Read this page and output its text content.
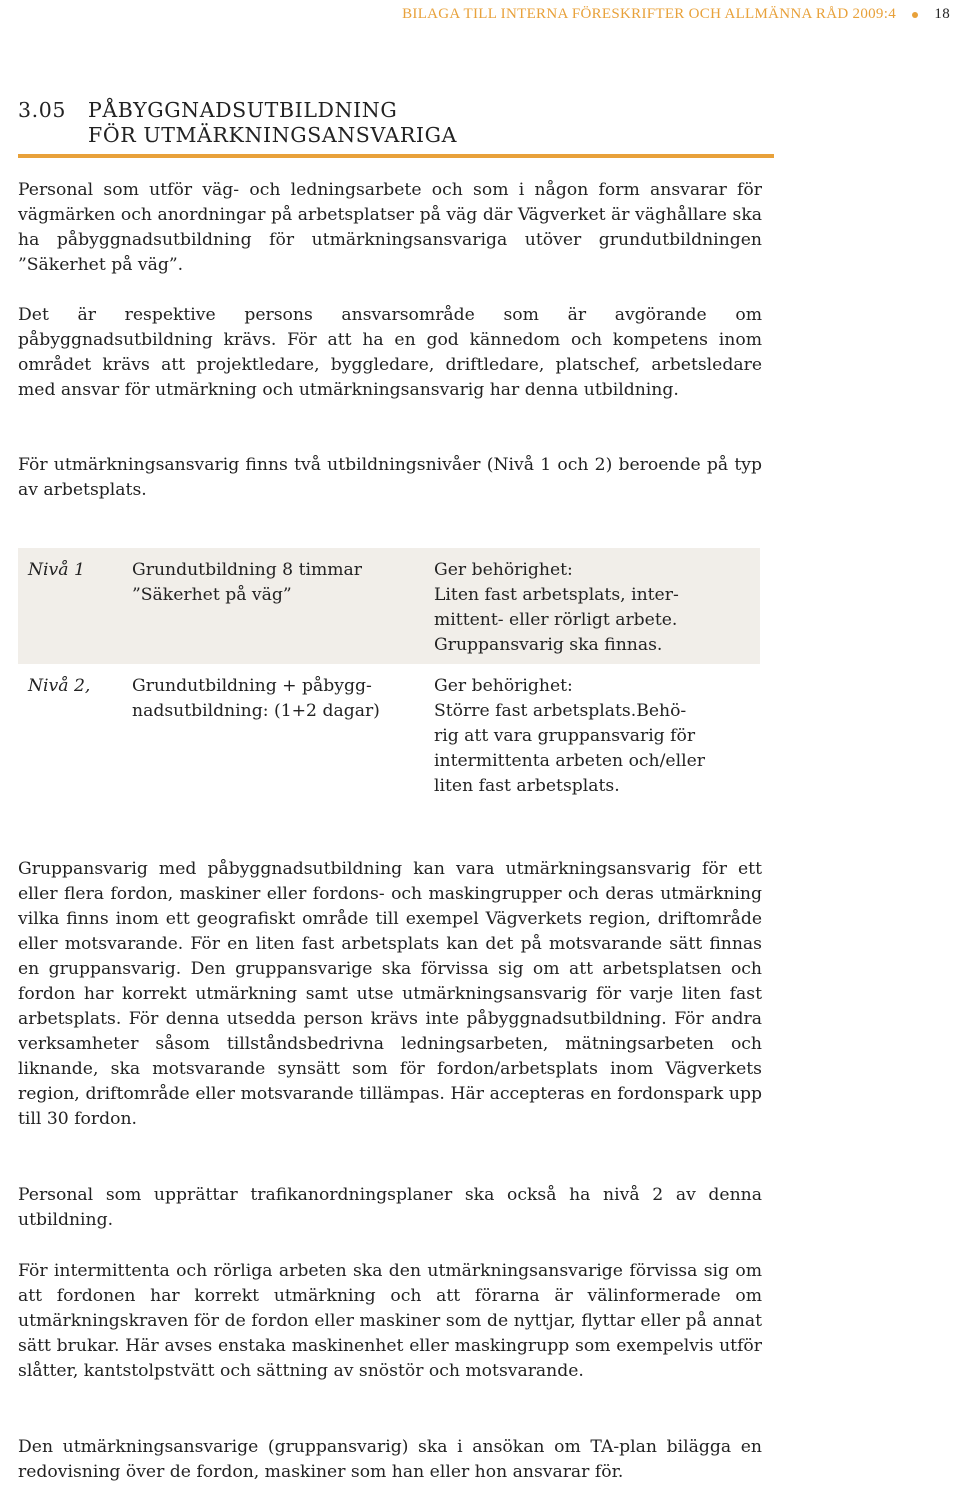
BILAGA TILL INTERNA FÖRESKRIFTER OCH ALLMÄNNA RÅD 2009:4	18
3.05 PÅBYGGNADSUTBILDNING
FÖR UTMÄRKNINGSANSVARIGA

Personal som utför väg- och ledningsarbete och som i någon form ansvarar för vägmärken och anordningar på arbetsplatser på väg där Vägverket är väghållare ska ha påbyggnadsutbildning för utmärkningsansvariga utöver grundutbildningen ”Säkerhet på väg”.

Det är respektive persons ansvarsområde som är avgörande om påbyggnadsutbildning krävs. För att ha en god kännedom och kompetens inom området krävs att projektledare, byggledare, driftledare, platschef, arbetsledare med ansvar för utmärkning och utmärkningsansvarig har denna utbildning.

För utmärkningsansvarig finns två utbildningsnivåer (Nivå 1 och 2) beroende på typ av arbetsplats.

Nivå 1	Grundutbildning 8 timmar
”Säkerhet på väg”
Ger behörighet:
Liten fast arbetsplats, inter-
mittent- eller rörligt arbete.
Gruppansvarig ska finnas.
Nivå 2, Grundutbildning + påbygg-
nadsutbildning: (1+2 dagar)
Ger behörighet:
Större fast arbetsplats.Behö-
rig att vara gruppansvarig för
intermittenta arbeten och/eller
liten fast arbetsplats.

Gruppansvarig med påbyggnadsutbildning kan vara utmärkningsansvarig för ett eller flera fordon, maskiner eller fordons- och maskingrupper och deras utmärkning vilka finns inom ett geografiskt område till exempel Vägverkets region, driftområde eller motsvarande. För en liten fast arbetsplats kan det på motsvarande sätt finnas en gruppansvarig. Den gruppansvarige ska förvissa sig om att arbetsplatsen och fordon har korrekt utmärkning samt utse utmärkningsansvarig för varje liten fast arbetsplats. För denna utsedda person krävs inte påbyggnadsutbildning. För andra verksamheter såsom tillståndsbedrivna ledningsarbeten, mätningsarbeten och liknande, ska motsvarande synsätt som för fordon/arbetsplats inom Vägverkets region, driftområde eller motsvarande tillämpas. Här accepteras en fordonspark upp till 30 fordon.

Personal som upprättar trafikanordningsplaner ska också ha nivå 2 av denna utbildning.

För intermittenta och rörliga arbeten ska den utmärkningsansvarige förvissa sig om att fordonen har korrekt utmärkning och att förarna är välinformerade om utmärkningskraven för de fordon eller maskiner som de nyttjar, flyttar eller på annat sätt brukar. Här avses enstaka maskinenhet eller maskingrupp som exempelvis utför slåtter, kantstolpstvätt och sättning av snöstör och motsvarande.

Den utmärkningsansvarige (gruppansvarig) ska i ansökan om TA-plan bilägga en redovisning över de fordon, maskiner som han eller hon ansvarar för.
